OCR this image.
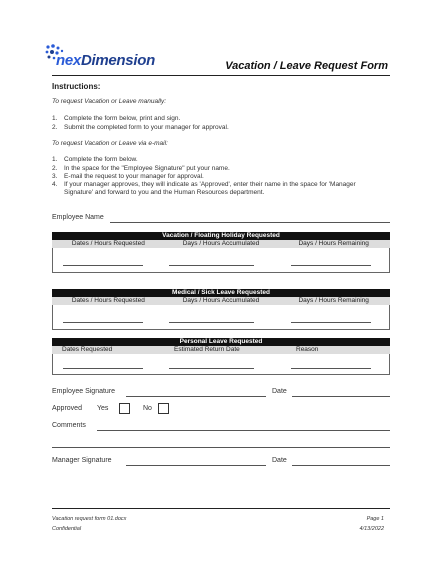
nexDimension	Vacation / Leave Request Form
Instructions:
To request Vacation or Leave manually:
1. Complete the form below, print and sign.
2. Submit the completed form to your manager for approval.
To request Vacation or Leave via e-mail:
1. Complete the form below.
2. In the space for the "Employee Signature" put your name.
3. E-mail the request to your manager for approval.
4. If your manager approves, they will indicate as 'Approved', enter their name in the space for 'Manager
Signature' and forward to you and the Human Resources department.
Employee Name
Vacation / Floating Holiday Requested
Dates / Hours Requested	Days / Hours Accumulated	Days / Hours Remaining
Medical / Sick Leave Requested
Dates / Hours Requested	Days / Hours Accumulated	Days / Hours Remaining
Personal Leave Requested
Dates Requested	Estimated Return Date	Reason
Employee Signature	Date
Approved Yes	No
Comments
Manager Signature	Date
Vacation request form 01.docx
Confidential
Page 1
4/13/2022
